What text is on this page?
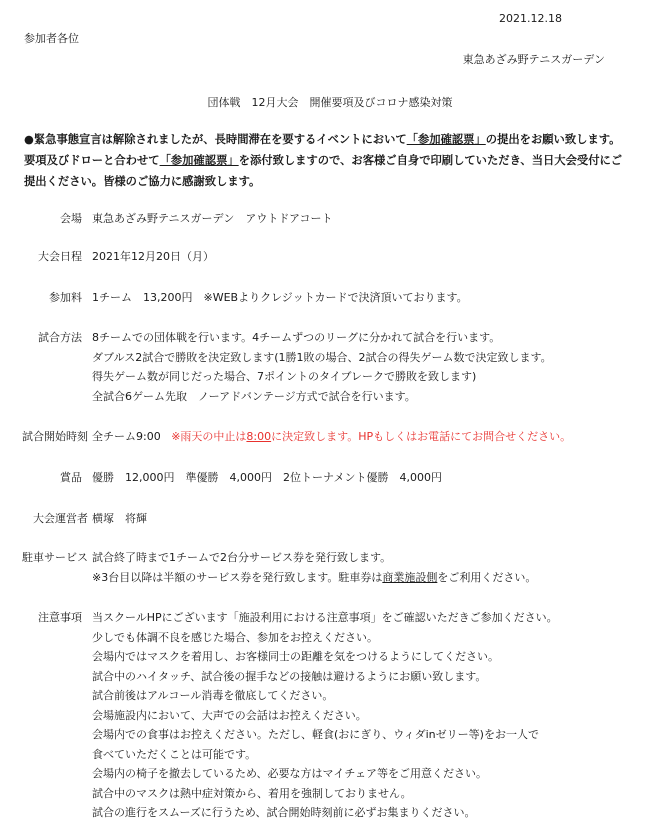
2021.12.18
参加者各位
東急あざみ野テニスガーデン
団体戦　12月大会　開催要項及びコロナ感染対策
●緊急事態宣言は解除されましたが、長時間滞在を要するイベントにおいて「参加確認票」の提出をお願い致します。要項及びドローと合わせて「参加確認票」を添付致しますので、お客様ご自身で印刷していただき、当日大会受付にご提出ください。皆様のご協力に感謝致します。
会場 東急あざみ野テニスガーデン　アウトドアコート
大会日程 2021年12月20日（月）
参加料 1チーム　13,200円　※WEBよりクレジットカードで決済頂いております。
試合方法 8チームでの団体戦を行います。4チームずつのリーグに分かれて試合を行います。
ダブルス2試合で勝敗を決定致します(1勝1敗の場合、2試合の得失ゲーム数で決定致します。
得失ゲーム数が同じだった場合、7ポイントのタイブレークで勝敗を致します)
全試合6ゲーム先取　ノーアドバンテージ方式で試合を行います。
試合開始時刻 全チーム9:00 ※雨天の中止は8:00に決定致します。HPもしくはお電話にてお問合せください。
賞品 優勝　12,000円　準優勝　4,000円　2位トーナメント優勝　4,000円
大会運営者 横塚　将輝
駐車サービス 試合終了時まで1チームで2台分サービス券を発行致します。
※3台目以降は半額のサービス券を発行致します。駐車券は商業施設側をご利用ください。
注意事項 当スクールHPにございます「施設利用における注意事項」をご確認いただきご参加ください。
少しでも体調不良を感じた場合、参加をお控えください。
会場内ではマスクを着用し、お客様同士の距離を気をつけるようにしてください。
試合中のハイタッチ、試合後の握手などの接触は避けるようにお願い致します。
試合前後はアルコール消毒を徹底してください。
会場施設内において、大声での会話はお控えください。
会場内での食事はお控えください。ただし、軽食(おにぎり、ウィダinゼリー等)をお一人で
食べていただくことは可能です。
会場内の椅子を撤去しているため、必要な方はマイチェア等をご用意ください。
試合中のマスクは熱中症対策から、着用を強制しておりません。
試合の進行をスムーズに行うため、試合開始時刻前に必ずお集まりください。
